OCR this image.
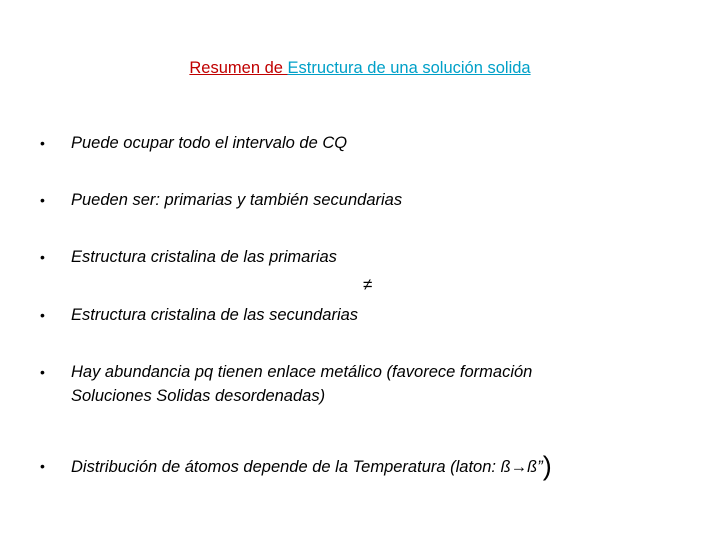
Resumen de Estructura de una solución solida
• Puede ocupar todo el intervalo de CQ
• Pueden ser: primarias y también secundarias
• Estructura cristalina de las primarias
≠
• Estructura cristalina de las secundarias
• Hay abundancia pq tienen enlace metálico (favorece formación
Soluciones Solidas desordenadas)
• Distribución de átomos depende de la Temperatura (laton: ß→ß”)
